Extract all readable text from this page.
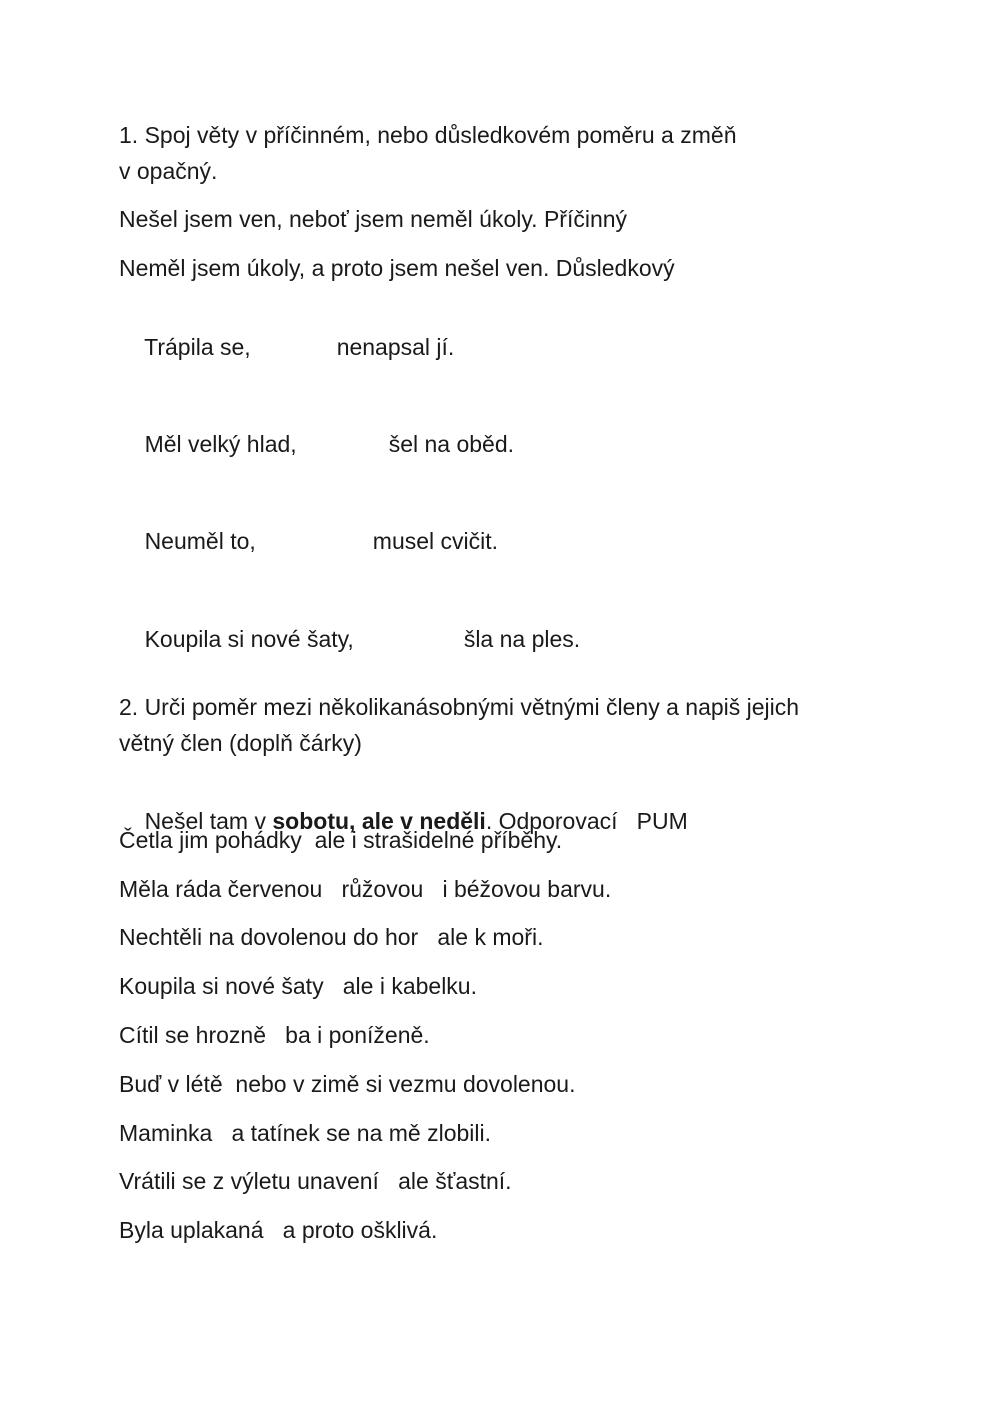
1. Spoj věty v příčinném, nebo důsledkovém poměru a změň
v opačný.
Nešel jsem ven, neboť jsem neměl úkoly. Příčinný
Neměl jsem úkoly, a proto jsem nešel ven. Důsledkový

Trápila se,	nenapsal jí.

Měl velký hlad,	šel na oběd.

Neuměl to,	musel cvičit.

Koupila si nové šaty,	šla na ples.

2. Urči poměr mezi několikanásobnými větnými členy a napiš jejich
větný člen (doplň čárky)

Nešel tam v sobotu, ale v neděli. Odporovací   PUM

Četla jim pohádky  ale i strašidelné příběhy.
Měla ráda červenou   růžovou   i béžovou barvu.
Nechtěli na dovolenou do hor   ale k moři.
Koupila si nové šaty   ale i kabelku.
Cítil se hrozně   ba i poníženě.
Buď v létě  nebo v zimě si vezmu dovolenou.
Maminka   a tatínek se na mě zlobili.
Vrátili se z výletu unavení   ale šťastní.
Byla uplakaná   a proto ošklivá.
